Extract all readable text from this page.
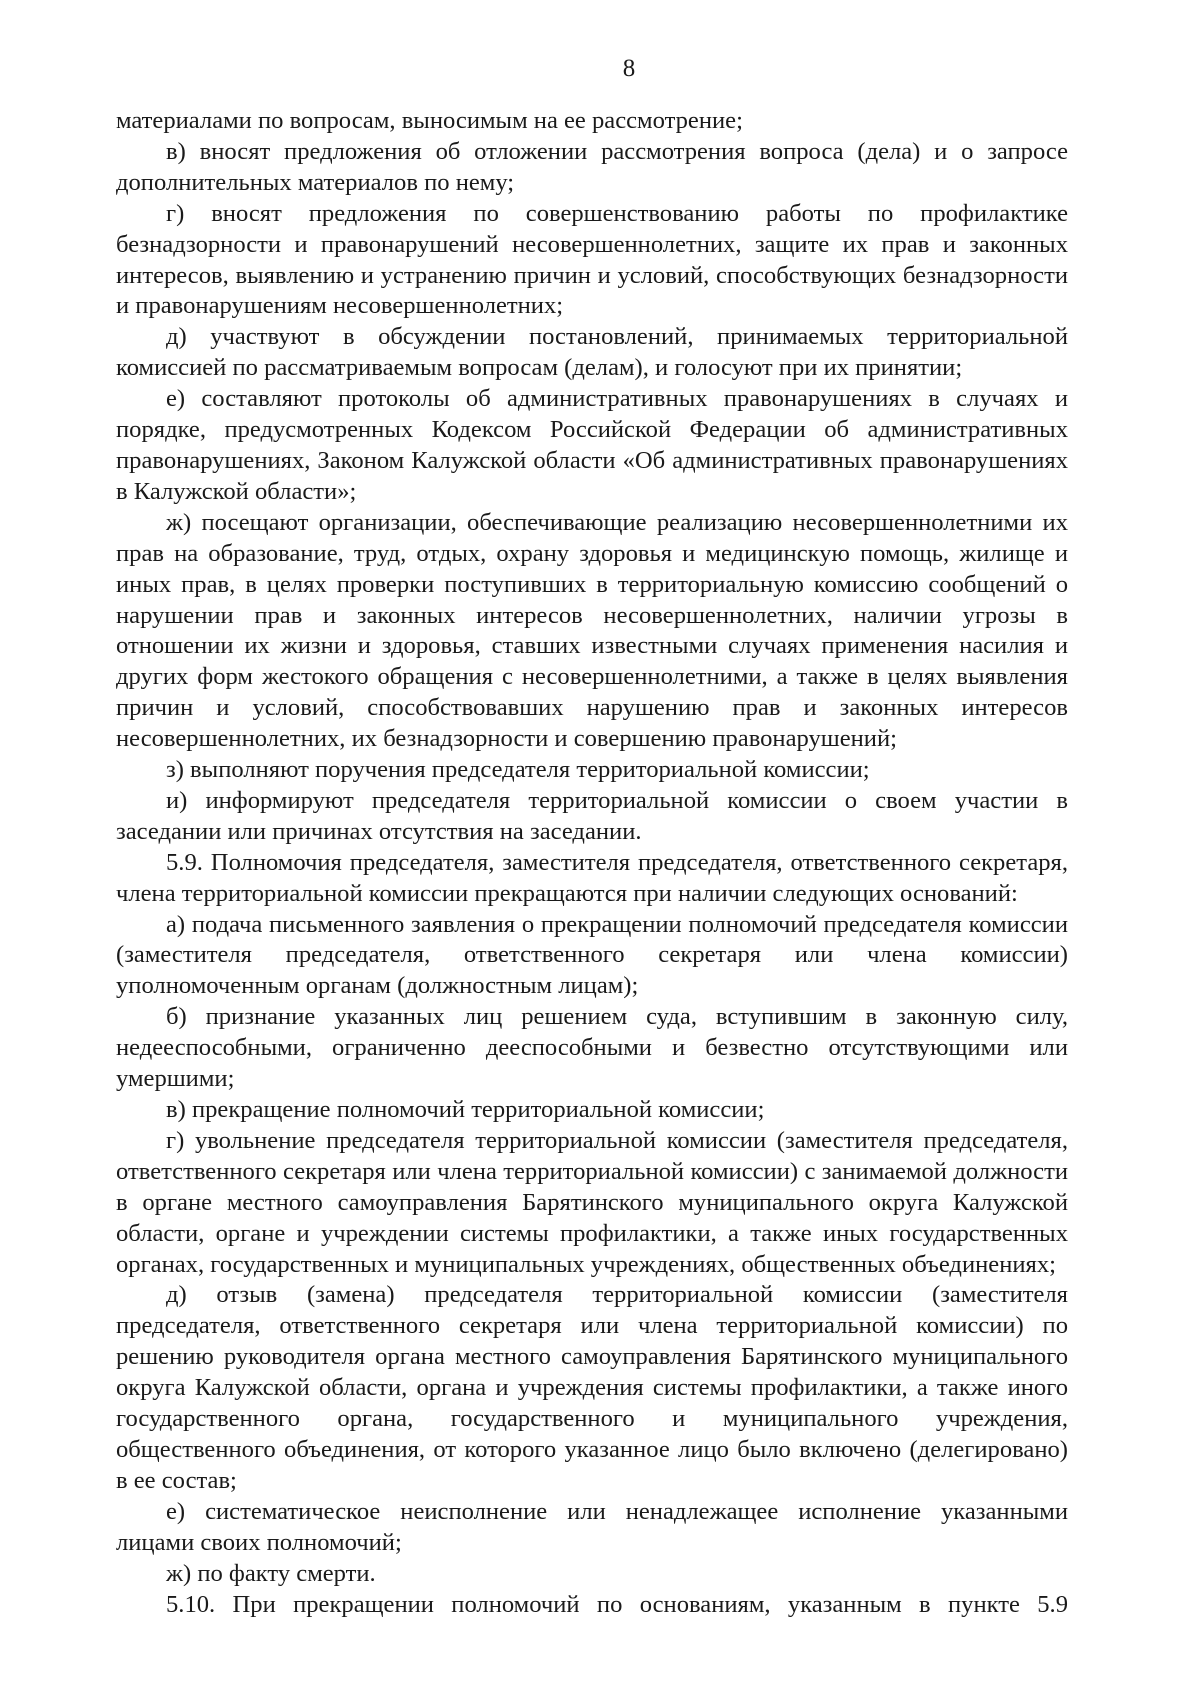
8

материалами по вопросам, выносимым на ее рассмотрение;

в) вносят предложения об отложении рассмотрения вопроса (дела) и о запросе дополнительных материалов по нему;

г) вносят предложения по совершенствованию работы по профилактике безнадзорности и правонарушений несовершеннолетних, защите их прав и законных интересов, выявлению и устранению причин и условий, способствующих безнадзорности и правонарушениям несовершеннолетних;

д) участвуют в обсуждении постановлений, принимаемых территориальной комиссией по рассматриваемым вопросам (делам), и голосуют при их принятии;

е) составляют протоколы об административных правонарушениях в случаях и порядке, предусмотренных Кодексом Российской Федерации об административных правонарушениях, Законом Калужской области «Об административных правонарушениях в Калужской области»;

ж) посещают организации, обеспечивающие реализацию несовершеннолетними их прав на образование, труд, отдых, охрану здоровья и медицинскую помощь, жилище и иных прав, в целях проверки поступивших в территориальную комиссию сообщений о нарушении прав и законных интересов несовершеннолетних, наличии угрозы в отношении их жизни и здоровья, ставших известными случаях применения насилия и других форм жестокого обращения с несовершеннолетними, а также в целях выявления причин и условий, способствовавших нарушению прав и законных интересов несовершеннолетних, их безнадзорности и совершению правонарушений;

з) выполняют поручения председателя территориальной комиссии;

и) информируют председателя территориальной комиссии о своем участии в заседании или причинах отсутствия на заседании.

5.9. Полномочия председателя, заместителя председателя, ответственного секретаря, члена территориальной комиссии прекращаются при наличии следующих оснований:

а) подача письменного заявления о прекращении полномочий председателя комиссии (заместителя председателя, ответственного секретаря или члена комиссии) уполномоченным органам (должностным лицам);

б) признание указанных лиц решением суда, вступившим в законную силу, недееспособными, ограниченно дееспособными и безвестно отсутствующими или умершими;

в) прекращение полномочий территориальной комиссии;

г) увольнение председателя территориальной комиссии (заместителя председателя, ответственного секретаря или члена территориальной комиссии) с занимаемой должности в органе местного самоуправления Барятинского муниципального округа Калужской области, органе и учреждении системы профилактики, а также иных государственных органах, государственных и муниципальных учреждениях, общественных объединениях;

д) отзыв (замена) председателя территориальной комиссии (заместителя председателя, ответственного секретаря или члена территориальной комиссии) по решению руководителя органа местного самоуправления Барятинского муниципального округа Калужской области, органа и учреждения системы профилактики, а также иного государственного органа, государственного и муниципального учреждения, общественного объединения, от которого указанное лицо было включено (делегировано) в ее состав;

е) систематическое неисполнение или ненадлежащее исполнение указанными лицами своих полномочий;

ж) по факту смерти.

5.10. При прекращении полномочий по основаниям, указанным в пункте 5.9
